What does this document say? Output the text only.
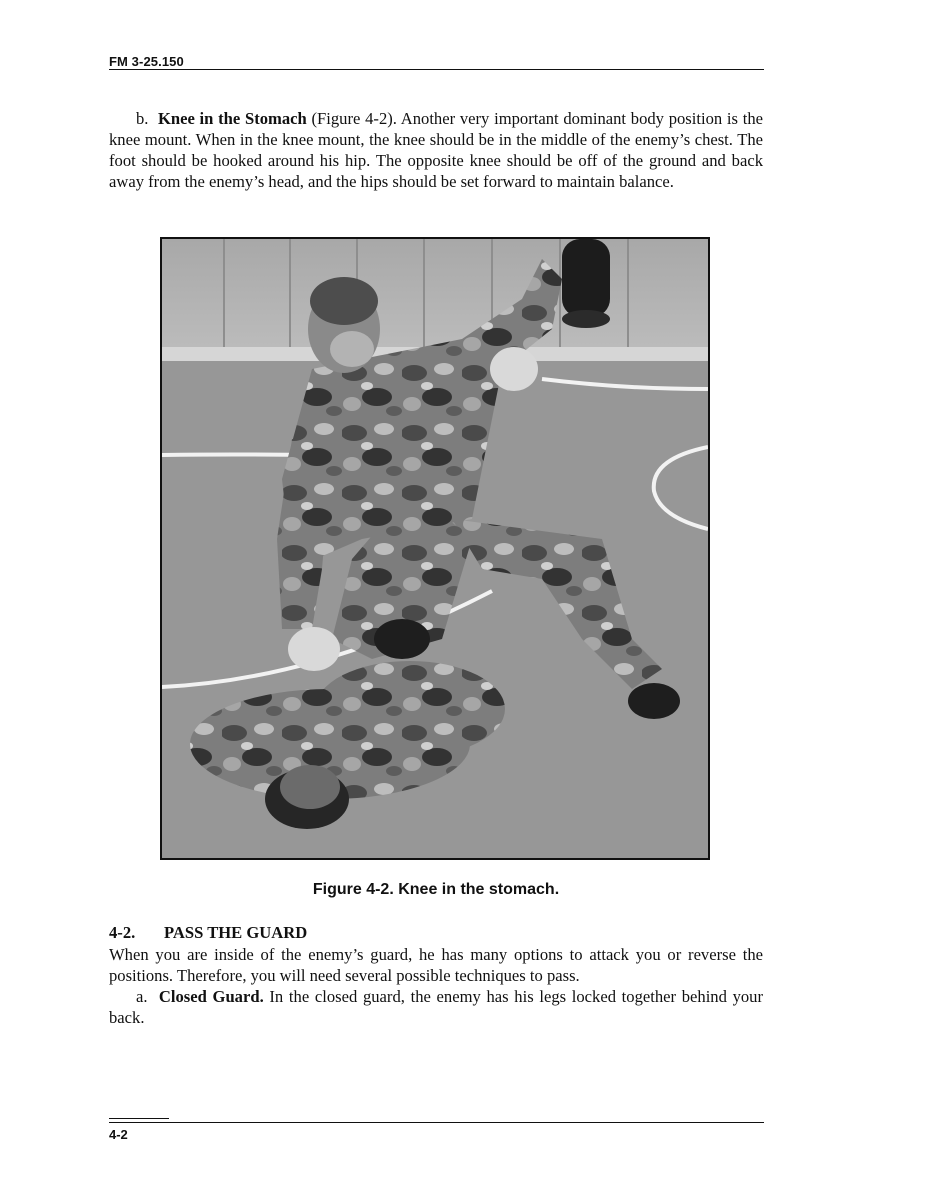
FM 3-25.150

b. Knee in the Stomach (Figure 4-2). Another very important dominant body position is the knee mount. When in the knee mount, the knee should be in the middle of the enemy’s chest. The foot should be hooked around his hip. The opposite knee should be off of the ground and back away from the enemy’s head, and the hips should be set forward to maintain balance.

Figure 4-2. Knee in the stomach.
4-2. PASS THE GUARD

When you are inside of the enemy’s guard, he has many options to attack you or reverse the positions. Therefore, you will need several possible techniques to pass.

a. Closed Guard. In the closed guard, the enemy has his legs locked together behind your back.

4-2
